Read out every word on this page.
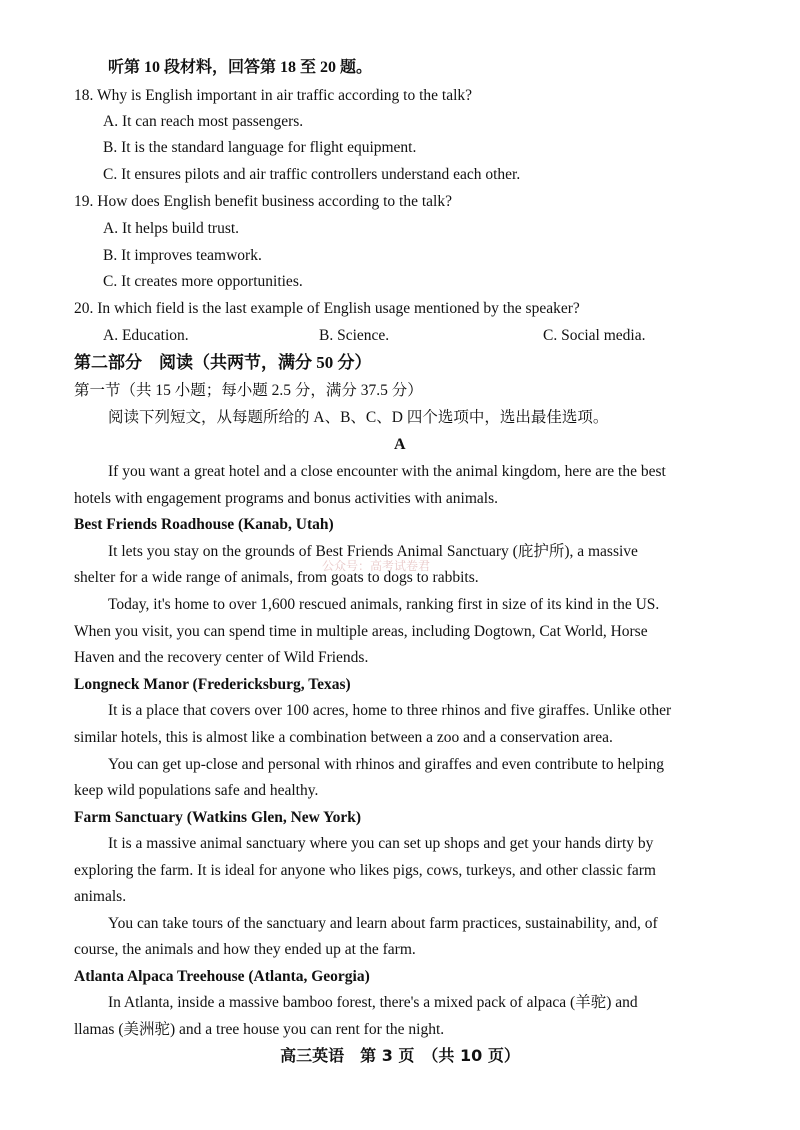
听第 10 段材料，回答第 18 至 20 题。
18. Why is English important in air traffic according to the talk?
A. It can reach most passengers.
B. It is the standard language for flight equipment.
C. It ensures pilots and air traffic controllers understand each other.
19. How does English benefit business according to the talk?
A. It helps build trust.
B. It improves teamwork.
C. It creates more opportunities.
20. In which field is the last example of English usage mentioned by the speaker?
A. Education.	B. Science.	C. Social media.
第二部分　阅读（共两节，满分 50 分）
第一节（共 15 小题；每小题 2.5 分，满分 37.5 分）
阅读下列短文，从每题所给的 A、B、C、D 四个选项中，选出最佳选项。
A
If you want a great hotel and a close encounter with the animal kingdom, here are the best
hotels with engagement programs and bonus activities with animals.
Best Friends Roadhouse (Kanab, Utah)
It lets you stay on the grounds of Best Friends Animal Sanctuary (庇护所), a massive
shelter for a wide range of animals, from goats to dogs to rabbits.
Today, it's home to over 1,600 rescued animals, ranking first in size of its kind in the US.
When you visit, you can spend time in multiple areas, including Dogtown, Cat World, Horse
Haven and the recovery center of Wild Friends.
Longneck Manor (Fredericksburg, Texas)
It is a place that covers over 100 acres, home to three rhinos and five giraffes. Unlike other
similar hotels, this is almost like a combination between a zoo and a conservation area.
You can get up-close and personal with rhinos and giraffes and even contribute to helping
keep wild populations safe and healthy.
Farm Sanctuary (Watkins Glen, New York)
It is a massive animal sanctuary where you can set up shops and get your hands dirty by
exploring the farm. It is ideal for anyone who likes pigs, cows, turkeys, and other classic farm
animals.
You can take tours of the sanctuary and learn about farm practices, sustainability, and, of
course, the animals and how they ended up at the farm.
Atlanta Alpaca Treehouse (Atlanta, Georgia)
In Atlanta, inside a massive bamboo forest, there's a mixed pack of alpaca (羊驼) and
llamas (美洲驼) and a tree house you can rent for the night.
公众号：高考试卷君
高三英语　第 3 页　（共 10 页）
